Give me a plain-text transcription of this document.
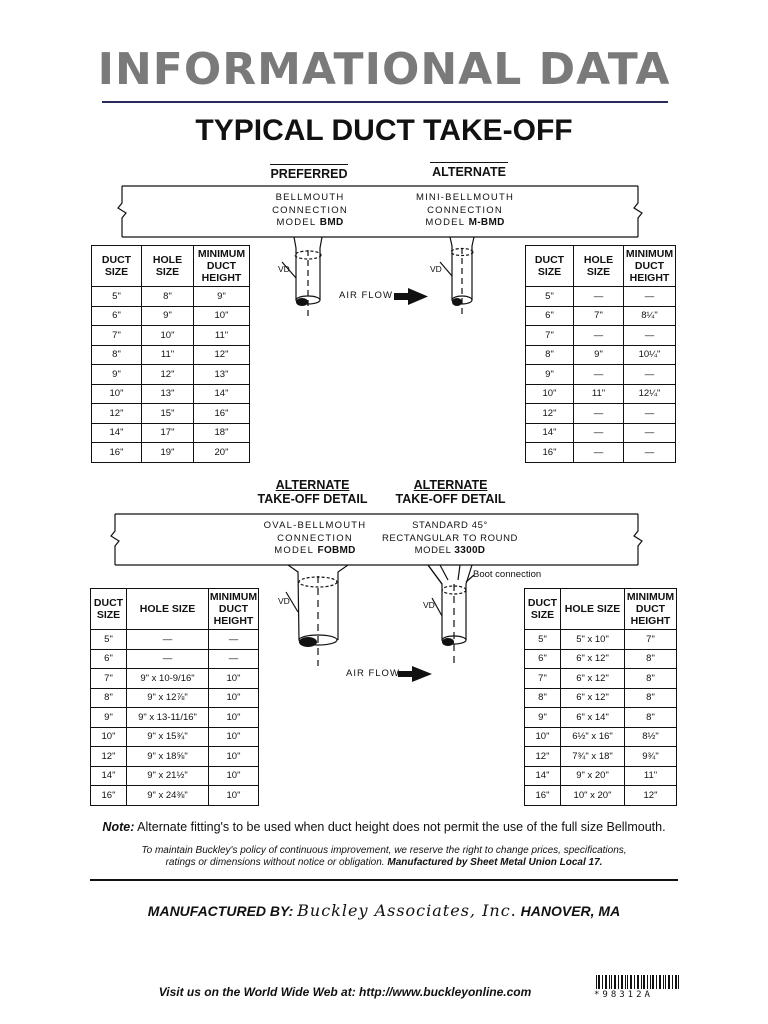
INFORMATIONAL DATA
TYPICAL DUCT TAKE-OFF
PREFERRED	ALTERNATE
BELLMOUTH
CONNECTION
MODEL BMD
MINI-BELLMOUTH
CONNECTION
MODEL M-BMD
VD	VD
AIR FLOW
DUCT SIZE	HOLE SIZE	MINIMUM DUCT HEIGHT
5"	8"	9"
6"	9"	10"
7"	10"	11"
8"	11"	12"
9"	12"	13"
10"	13"	14"
12"	15"	16"
14"	17"	18"
16"	19"	20"
DUCT SIZE	HOLE SIZE	MINIMUM DUCT HEIGHT
5"	—	—
6"	7"	8¼"
7"	—	—
8"	9"	10¼"
9"	—	—
10"	11"	12¼"
12"	—	—
14"	—	—
16"	—	—
ALTERNATE
TAKE-OFF DETAIL
ALTERNATE
TAKE-OFF DETAIL
OVAL-BELLMOUTH
CONNECTION
MODEL FOBMD
STANDARD 45°
RECTANGULAR TO ROUND
MODEL 3300D
Boot connection
VD	VD
AIR FLOW
DUCT SIZE	HOLE SIZE	MINIMUM DUCT HEIGHT
5"	—	—
6"	—	—
7"	9" x 10-9/16"	10"
8"	9" x 12⅞"	10"
9"	9" x 13-11/16"	10"
10"	9" x 15¾"	10"
12"	9" x 18⅝"	10"
14"	9" x 21½"	10"
16"	9" x 24⅜"	10"
DUCT SIZE	HOLE SIZE	MINIMUM DUCT HEIGHT
5"	5" x 10"	7"
6"	6" x 12"	8"
7"	6" x 12"	8"
8"	6" x 12"	8"
9"	6" x 14"	8"
10"	6½" x 16"	8½"
12"	7¾" x 18"	9¾"
14"	9" x 20"	11"
16"	10" x 20"	12"
Note: Alternate fitting's to be used when duct height does not permit the use of the full size Bellmouth.
To maintain Buckley's policy of continuous improvement, we reserve the right to change prices, specifications,
ratings or dimensions without notice or obligation. Manufactured by Sheet Metal Union Local 17.
MANUFACTURED BY: Buckley Associates, Inc. HANOVER, MA
Visit us on the World Wide Web at: http://www.buckleyonline.com	*98312A
